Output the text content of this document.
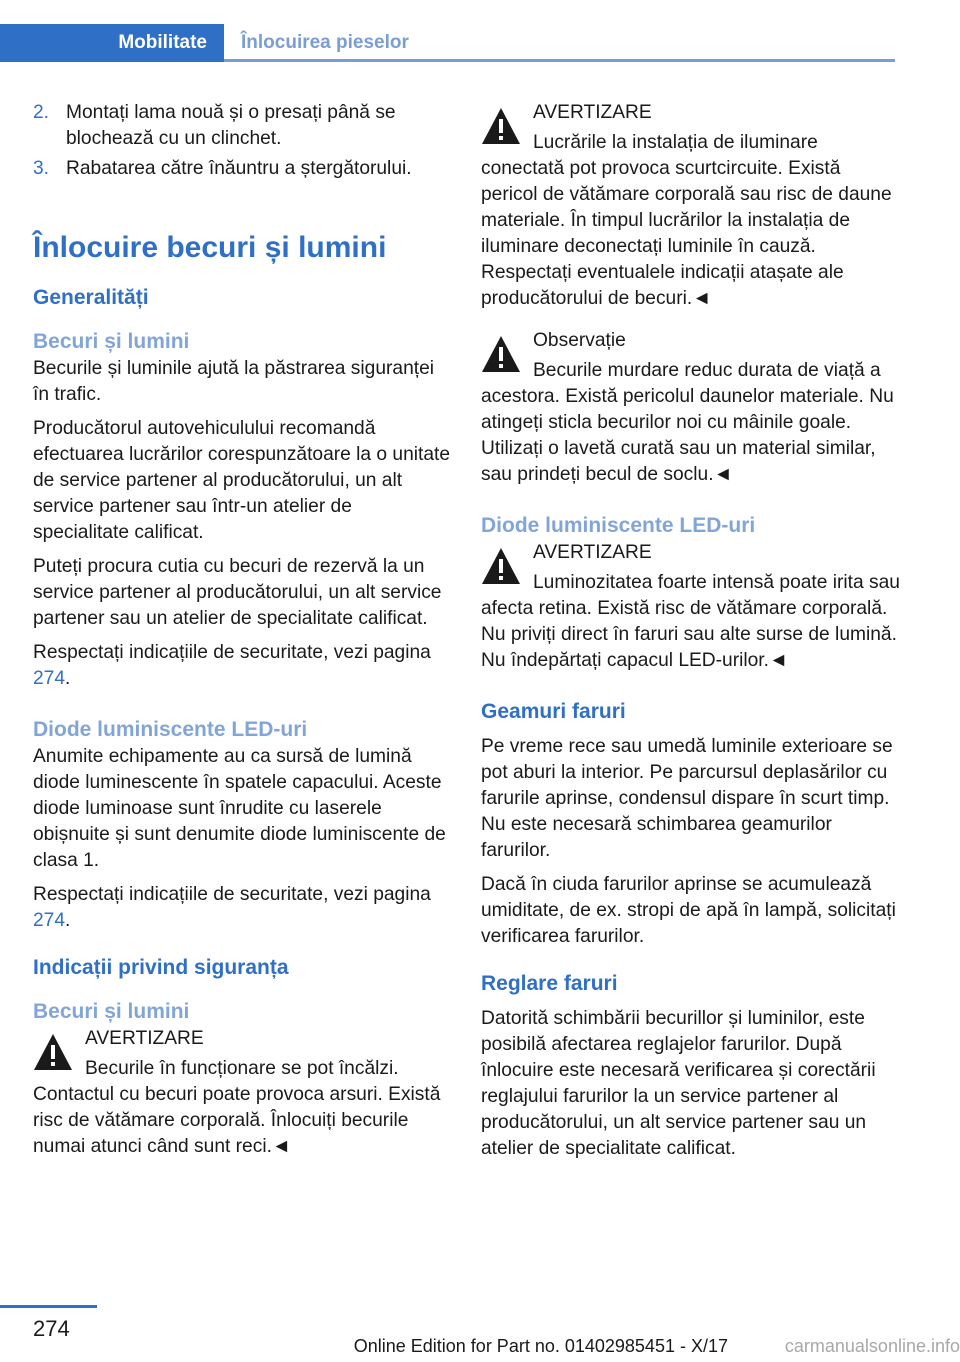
Mobilitate	Înlocuirea pieselor
2. Montați lama nouă și o presați până se blochează cu un clinchet.
3. Rabatarea către înăuntru a ștergătorului.
Înlocuire becuri și lumini
Generalități
Becuri și lumini

Becurile și luminile ajută la păstrarea siguranței în trafic.

Producătorul autovehiculului recomandă efectuarea lucrărilor corespunzătoare la o unitate de service partener al producătorului, un alt service partener sau într-un atelier de specialitate calificat.

Puteți procura cutia cu becuri de rezervă la un service partener al producătorului, un alt service partener sau un atelier de specialitate calificat.

Respectați indicațiile de securitate, vezi pagina 274.

Diode luminiscente LED-uri

Anumite echipamente au ca sursă de lumină diode luminescente în spatele capacului. Aceste diode luminoase sunt înrudite cu laserele obișnuite și sunt denumite diode luminiscente de clasa 1.

Respectați indicațiile de securitate, vezi pagina 274.

Indicații privind siguranța
Becuri și lumini
AVERTIZARE
Becurile în funcționare se pot încălzi. Contactul cu becuri poate provoca arsuri. Există risc de vătămare corporală. Înlocuiți becurile numai atunci când sunt reci.◄
AVERTIZARE
Lucrările la instalația de iluminare conectată pot provoca scurtcircuite. Există pericol de vătămare corporală sau risc de daune materiale. În timpul lucrărilor la instalația de iluminare deconectați luminile în cauză. Respectați eventualele indicații atașate ale producătorului de becuri.◄
Observație
Becurile murdare reduc durata de viață a acestora. Există pericolul daunelor materiale. Nu atingeți sticla becurilor noi cu mâinile goale. Utilizați o lavetă curată sau un material similar, sau prindeți becul de soclu.◄
Diode luminiscente LED-uri
AVERTIZARE
Luminozitatea foarte intensă poate irita sau afecta retina. Există risc de vătămare corporală. Nu priviți direct în faruri sau alte surse de lumină. Nu îndepărtați capacul LED-urilor.◄
Geamuri faruri

Pe vreme rece sau umedă luminile exterioare se pot aburi la interior. Pe parcursul deplasărilor cu farurile aprinse, condensul dispare în scurt timp. Nu este necesară schimbarea geamurilor farurilor.

Dacă în ciuda farurilor aprinse se acumulează umiditate, de ex. stropi de apă în lampă, solicitați verificarea farurilor.

Reglare faruri

Datorită schimbării becurillor și luminilor, este posibilă afectarea reglajelor farurilor. După înlocuire este necesară verificarea și corectării reglajului farurilor la un service partener al producătorului, un alt service partener sau un atelier de specialitate calificat.

274
Online Edition for Part no. 01402985451 - X/17	carmanualsonline.info
